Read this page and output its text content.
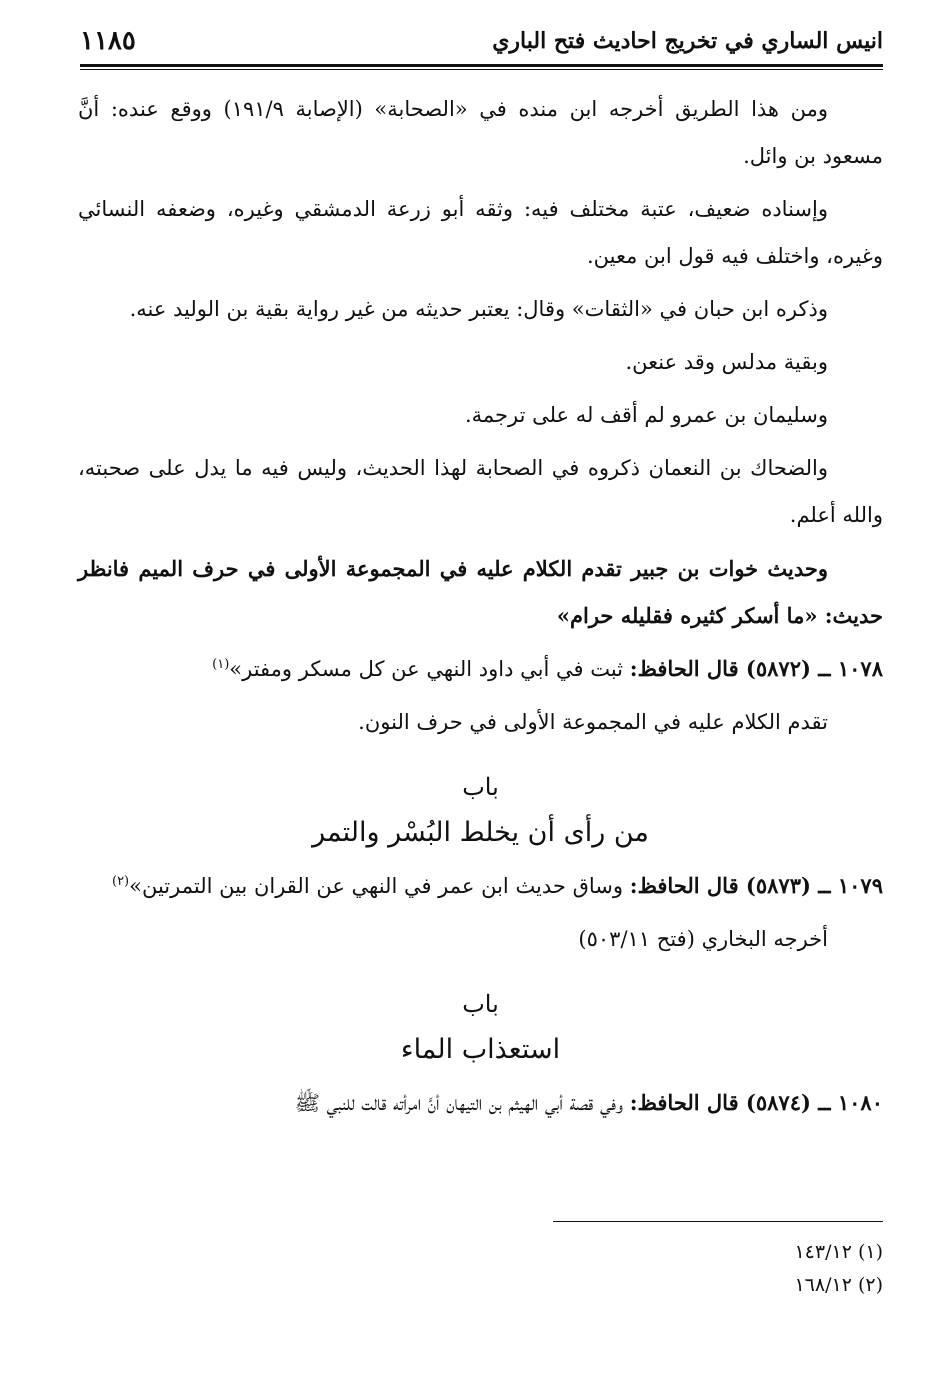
انيس الساري في تخريج احاديث فتح الباري
١١٨٥

ومن هذا الطريق أخرجه ابن منده في «الصحابة» (الإصابة ١٩١/٩) ووقع عنده: أنَّ مسعود بن وائل.

وإسناده ضعيف، عتبة مختلف فيه: وثقه أبو زرعة الدمشقي وغيره، وضعفه النسائي وغيره، واختلف فيه قول ابن معين.

وذكره ابن حبان في «الثقات» وقال: يعتبر حديثه من غير رواية بقية بن الوليد عنه.

وبقية مدلس وقد عنعن.

وسليمان بن عمرو لم أقف له على ترجمة.

والضحاك بن النعمان ذكروه في الصحابة لهذا الحديث، وليس فيه ما يدل على صحبته، والله أعلم.

وحديث خوات بن جبير تقدم الكلام عليه في المجموعة الأولى في حرف الميم فانظر حديث: «ما أسكر كثيره فقليله حرام»

١٠٧٨ ــ (٥٨٧٢) قال الحافظ: ثبت في أبي داود النهي عن كل مسكر ومفتر»$^{(١)}$

تقدم الكلام عليه في المجموعة الأولى في حرف النون.

باب
من رأى أن يخلط البُسْر والتمر

١٠٧٩ ــ (٥٨٧٣) قال الحافظ: وساق حديث ابن عمر في النهي عن القران بين التمرتين»$^{(٢)}$

أخرجه البخاري (فتح ٥٠٣/١١)

باب
استعذاب الماء

١٠٨٠ ــ (٥٨٧٤) قال الحافظ: وفي قصة أبي الهيثم بن التيهان أنَّ امرأته قالت للنبي ﷺ

(١) ١٤٣/١٢
(٢) ١٦٨/١٢
